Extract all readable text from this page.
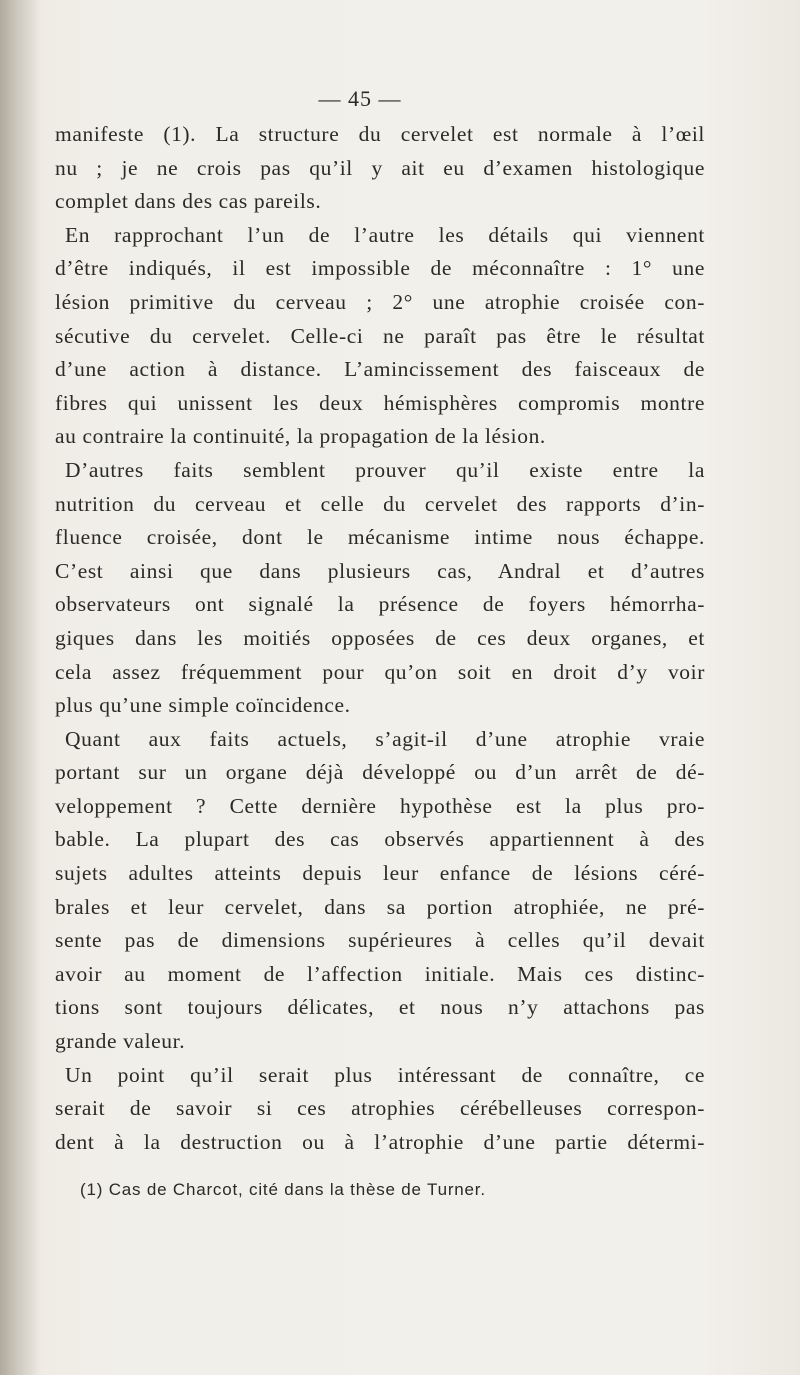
— 45 —
manifeste (1). La structure du cervelet est normale à l’œil
nu ; je ne crois pas qu’il y ait eu d’examen histologique
complet dans des cas pareils.
En rapprochant l’un de l’autre les détails qui viennent
d’être indiqués, il est impossible de méconnaître : 1° une
lésion primitive du cerveau ; 2° une atrophie croisée con-
sécutive du cervelet. Celle-ci ne paraît pas être le résultat
d’une action à distance. L’amincissement des faisceaux de
fibres qui unissent les deux hémisphères compromis montre
au contraire la continuité, la propagation de la lésion.
D’autres faits semblent prouver qu’il existe entre la
nutrition du cerveau et celle du cervelet des rapports d’in-
fluence croisée, dont le mécanisme intime nous échappe.
C’est ainsi que dans plusieurs cas, Andral et d’autres
observateurs ont signalé la présence de foyers hémorrha-
giques dans les moitiés opposées de ces deux organes, et
cela assez fréquemment pour qu’on soit en droit d’y voir
plus qu’une simple coïncidence.
Quant aux faits actuels, s’agit-il d’une atrophie vraie
portant sur un organe déjà développé ou d’un arrêt de dé-
veloppement ? Cette dernière hypothèse est la plus pro-
bable. La plupart des cas observés appartiennent à des
sujets adultes atteints depuis leur enfance de lésions céré-
brales et leur cervelet, dans sa portion atrophiée, ne pré-
sente pas de dimensions supérieures à celles qu’il devait
avoir au moment de l’affection initiale. Mais ces distinc-
tions sont toujours délicates, et nous n’y attachons pas
grande valeur.
Un point qu’il serait plus intéressant de connaître, ce
serait de savoir si ces atrophies cérébelleuses correspon-
dent à la destruction ou à l’atrophie d’une partie détermi-
(1) Cas de Charcot, cité dans la thèse de Turner.
